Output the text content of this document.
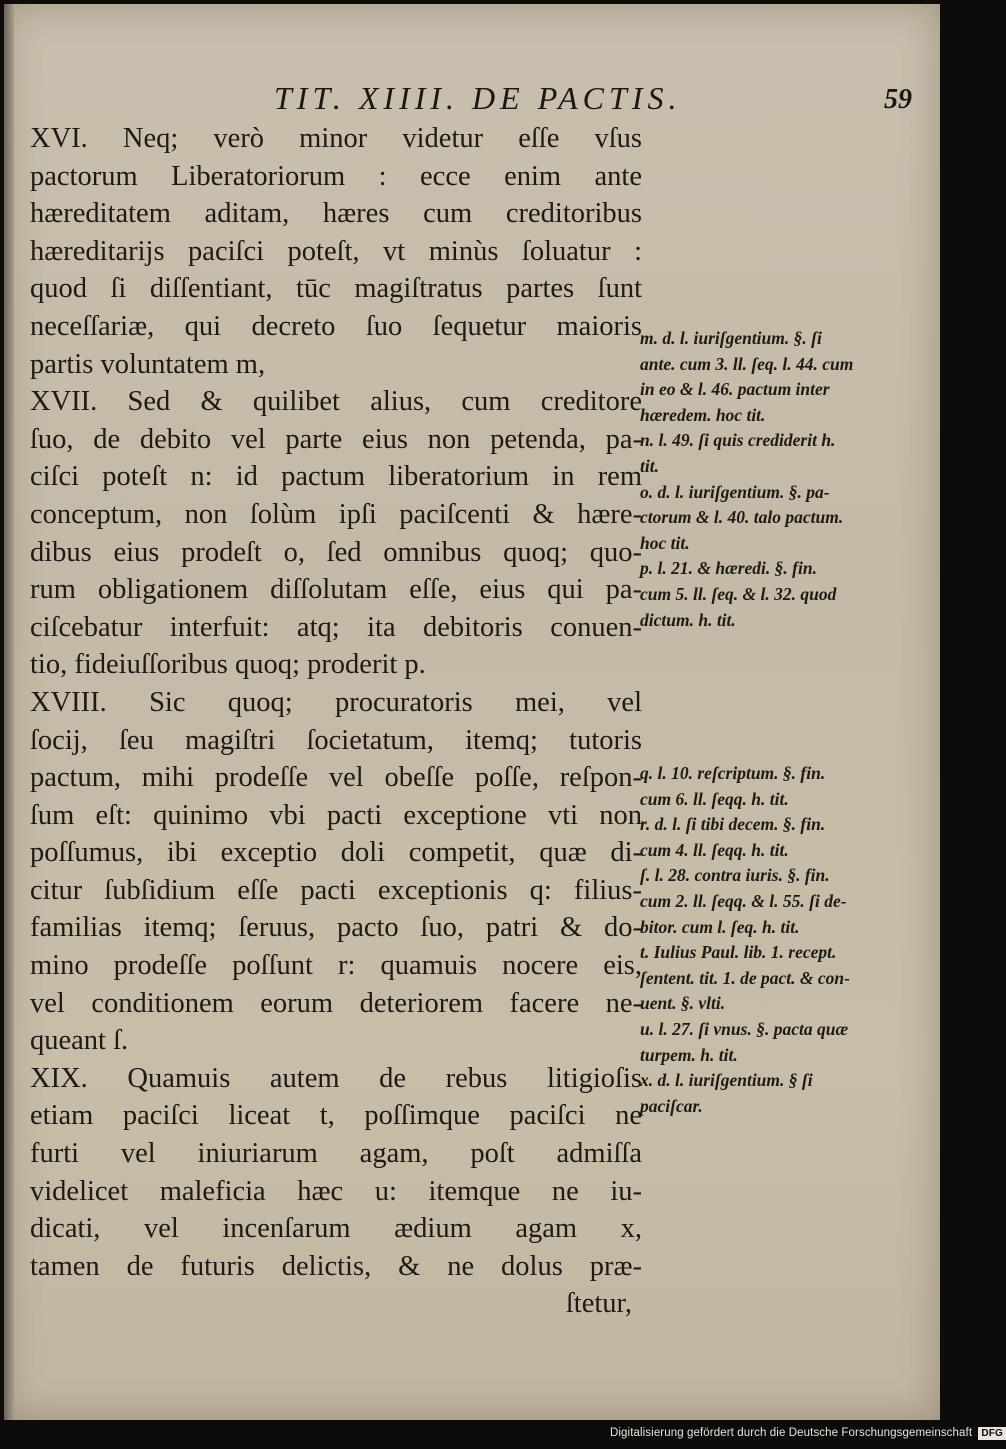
TIT. XIIII. DE PACTIS.	59
XVI. Neq; verò minor videtur eſſe vſus
pactorum Liberatoriorum : ecce enim ante
hæreditatem aditam, hæres cum creditoribus
hæreditarijs paciſci poteſt, vt minùs ſoluatur :
quod ſi diſſentiant, tūc magiſtratus partes ſunt
neceſſariæ, qui decreto ſuo ſequetur maioris
partis voluntatem m,
XVII. Sed & quilibet alius, cum creditore
ſuo, de debito vel parte eius non petenda, pa-
ciſci poteſt n: id pactum liberatorium in rem
conceptum, non ſolùm ipſi paciſcenti & hære-
dibus eius prodeſt o, ſed omnibus quoq; quo-
rum obligationem diſſolutam eſſe, eius qui pa-
ciſcebatur interfuit: atq; ita debitoris conuen-
tio, fideiuſſoribus quoq; proderit p.
XVIII. Sic quoq; procuratoris mei, vel
ſocij, ſeu magiſtri ſocietatum, itemq; tutoris
pactum, mihi prodeſſe vel obeſſe poſſe, reſpon-
ſum eſt: quinimo vbi pacti exceptione vti non
poſſumus, ibi exceptio doli competit, quæ di-
citur ſubſidium eſſe pacti exceptionis q: filius-
familias itemq; ſeruus, pacto ſuo, patri & do-
mino prodeſſe poſſunt r: quamuis nocere eis,
vel conditionem eorum deteriorem facere ne-
queant ſ.
XIX. Quamuis autem de rebus litigioſis
etiam paciſci liceat t, poſſimque paciſci ne
furti vel iniuriarum agam, poſt admiſſa
videlicet maleficia hæc u: itemque ne iu-
dicati, vel incenſarum ædium agam x,
tamen de futuris delictis, & ne dolus præ-
ſtetur,
m. d. l. iuriſgentium. §. ſi
ante. cum 3. ll. ſeq. l. 44. cum
in eo & l. 46. pactum inter
hæredem. hoc tit.
n. l. 49. ſi quis crediderit h.
tit.
o. d. l. iuriſgentium. §. pa-
ctorum & l. 40. talo pactum.
hoc tit.
p. l. 21. & hæredi. §. fin.
cum 5. ll. ſeq. & l. 32. quod
dictum. h. tit.
q. l. 10. reſcriptum. §. fin.
cum 6. ll. ſeqq. h. tit.
r. d. l. ſi tibi decem. §. fin.
cum 4. ll. ſeqq. h. tit.
ſ. l. 28. contra iuris. §. fin.
cum 2. ll. ſeqq. & l. 55. ſi de-
bitor. cum l. ſeq. h. tit.
t. Iulius Paul. lib. 1. recept.
ſentent. tit. 1. de pact. & con-
uent. §. vlti.
u. l. 27. ſi vnus. §. pacta quæ
turpem. h. tit.
x. d. l. iuriſgentium. § ſi
paciſcar.
Digitalisierung gefördert durch die Deutsche Forschungsgemeinschaft DFG
